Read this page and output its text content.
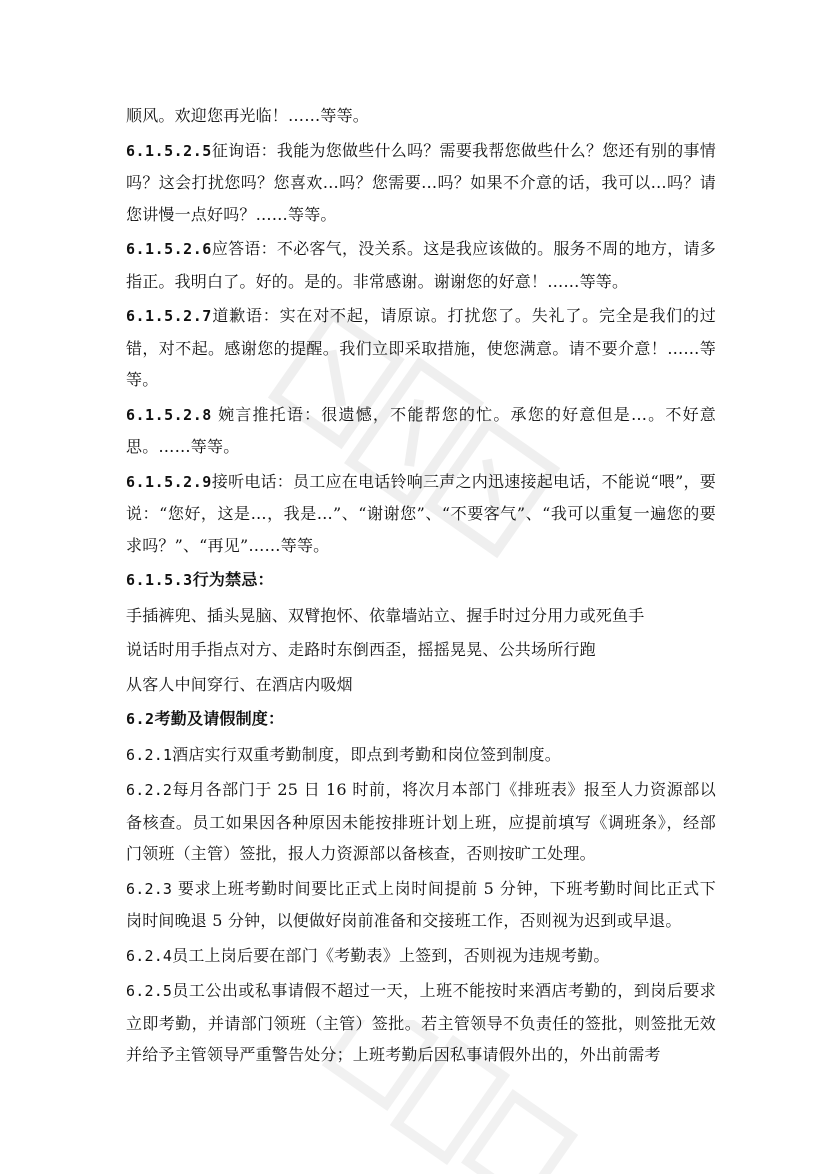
顺风。欢迎您再光临！……等等。

6.1.5.2.5征询语：我能为您做些什么吗？需要我帮您做些什么？您还有别的事情吗？这会打扰您吗？您喜欢…吗？您需要…吗？如果不介意的话，我可以…吗？请您讲慢一点好吗？……等等。

6.1.5.2.6应答语：不必客气，没关系。这是我应该做的。服务不周的地方，请多指正。我明白了。好的。是的。非常感谢。谢谢您的好意！……等等。

6.1.5.2.7道歉语：实在对不起，请原谅。打扰您了。失礼了。完全是我们的过错，对不起。感谢您的提醒。我们立即采取措施，使您满意。请不要介意！……等等。

6.1.5.2.8 婉言推托语：很遗憾，不能帮您的忙。承您的好意但是…。不好意思。……等等。

6.1.5.2.9接听电话：员工应在电话铃响三声之内迅速接起电话，不能说“喂”，要说：“您好，这是…，我是…”、“谢谢您”、“不要客气”、“我可以重复一遍您的要求吗？”、“再见”……等等。

6.1.5.3行为禁忌：

手插裤兜、插头晃脑、双臂抱怀、依靠墙站立、握手时过分用力或死鱼手

说话时用手指点对方、走路时东倒西歪，摇摇晃晃、公共场所行跑

从客人中间穿行、在酒店内吸烟

6.2考勤及请假制度：

6.2.1酒店实行双重考勤制度，即点到考勤和岗位签到制度。

6.2.2每月各部门于 25 日 16 时前，将次月本部门《排班表》报至人力资源部以备核查。员工如果因各种原因未能按排班计划上班，应提前填写《调班条》，经部门领班（主管）签批，报人力资源部以备核查，否则按旷工处理。

6.2.3 要求上班考勤时间要比正式上岗时间提前 5 分钟，下班考勤时间比正式下岗时间晚退 5 分钟，以便做好岗前准备和交接班工作，否则视为迟到或早退。

6.2.4员工上岗后要在部门《考勤表》上签到，否则视为违规考勤。

6.2.5员工公出或私事请假不超过一天，上班不能按时来酒店考勤的，到岗后要求立即考勤，并请部门领班（主管）签批。若主管领导不负责任的签批，则签批无效并给予主管领导严重警告处分；上班考勤后因私事请假外出的，外出前需考
